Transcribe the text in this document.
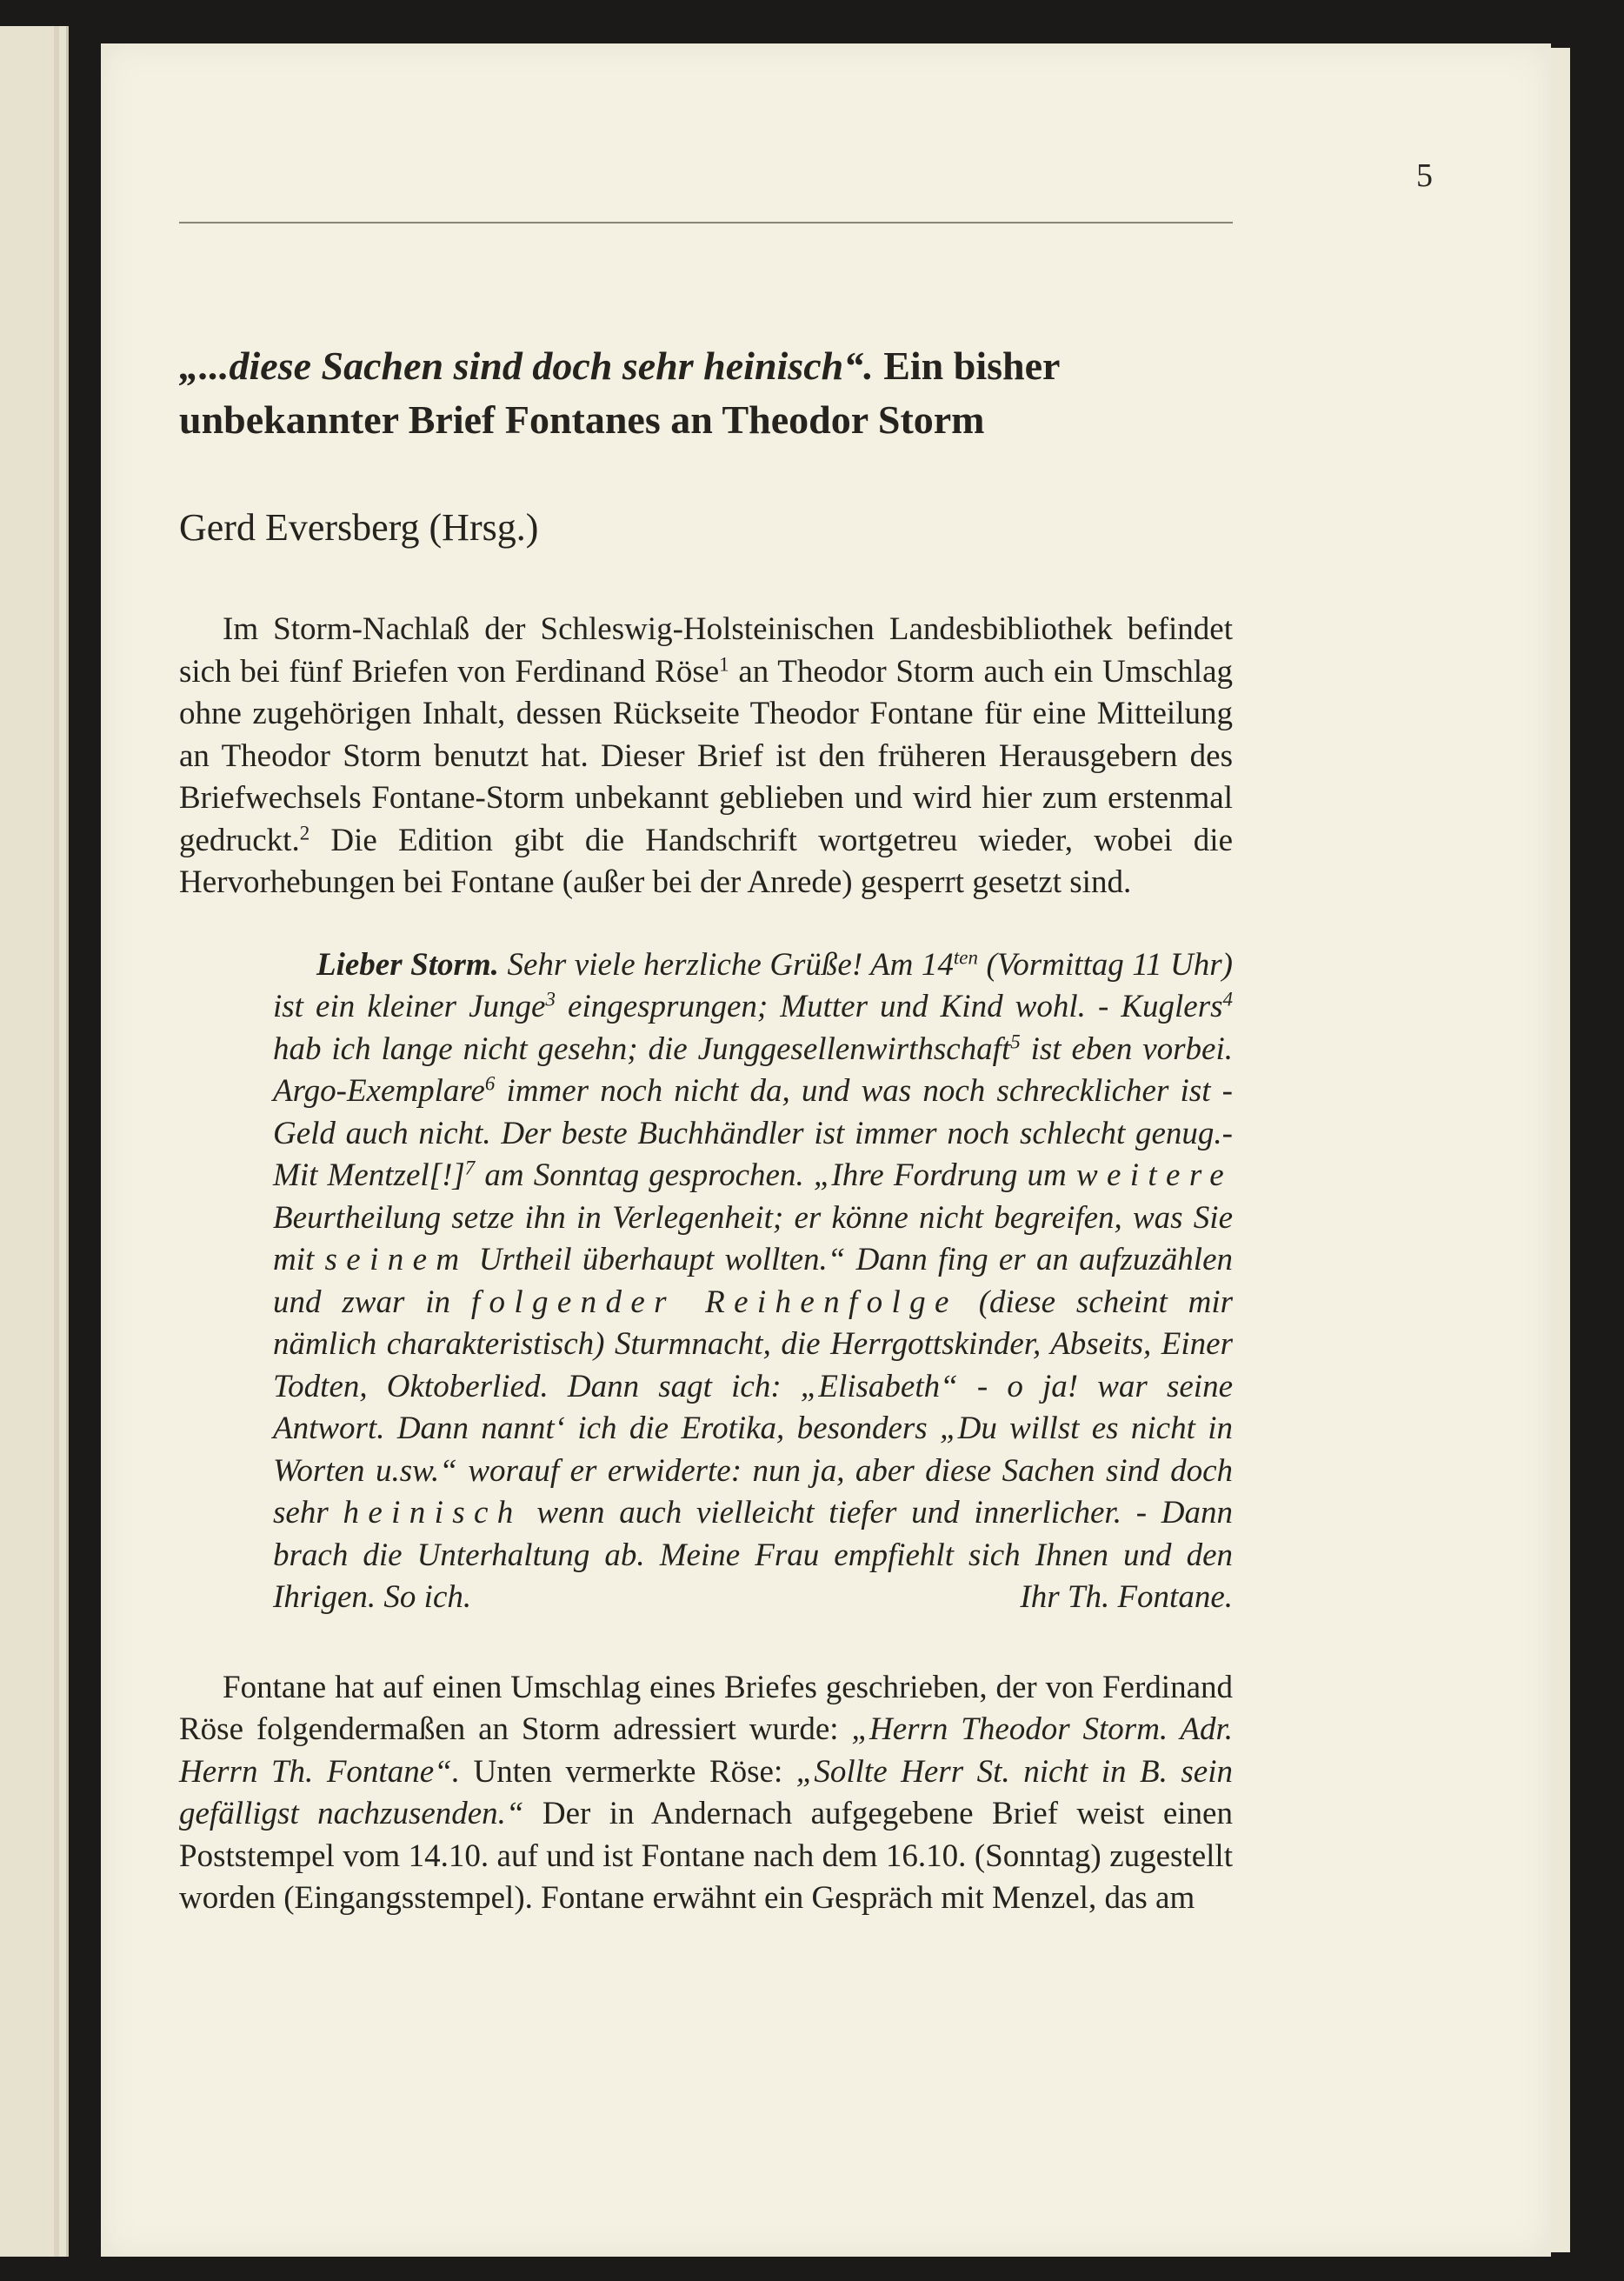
5
„...diese Sachen sind doch sehr heinisch“. Ein bisher unbekannter Brief Fontanes an Theodor Storm

Gerd Eversberg (Hrsg.)

Im Storm-Nachlaß der Schleswig-Holsteinischen Landesbibliothek befindet sich bei fünf Briefen von Ferdinand Röse$^1$ an Theodor Storm auch ein Umschlag ohne zugehörigen Inhalt, dessen Rückseite Theodor Fontane für eine Mitteilung an Theodor Storm benutzt hat. Dieser Brief ist den früheren Herausgebern des Briefwechsels Fontane-Storm unbekannt geblieben und wird hier zum erstenmal gedruckt.$^2$ Die Edition gibt die Handschrift wortgetreu wieder, wobei die Hervorhebungen bei Fontane (außer bei der Anrede) gesperrt gesetzt sind.

Lieber Storm. Sehr viele herzliche Grüße! Am $14^{ten}$ (Vormittag 11 Uhr) ist ein kleiner Junge$^3$ eingesprungen; Mutter und Kind wohl. - Kuglers$^4$ hab ich lange nicht gesehn; die Junggesellenwirthschaft$^5$ ist eben vorbei. Argo-Exemplare$^6$ immer noch nicht da, und was noch schrecklicher ist - Geld auch nicht. Der beste Buchhändler ist immer noch schlecht genug.- Mit Mentzel[!]$^7$ am Sonntag gesprochen. „Ihre Fordrung um weitere Beurtheilung setze ihn in Verlegenheit; er könne nicht begreifen, was Sie mit seinem Urtheil überhaupt wollten.“ Dann fing er an aufzuzählen und zwar in folgender Reihenfolge (diese scheint mir nämlich charakteristisch) Sturmnacht, die Herrgottskinder, Abseits, Einer Todten, Oktoberlied. Dann sagt ich: „Elisabeth“ - o ja! war seine Antwort. Dann nannt‘ ich die Erotika, besonders „Du willst es nicht in Worten u.sw.“ worauf er erwiderte: nun ja, aber diese Sachen sind doch sehr heinisch wenn auch vielleicht tiefer und innerlicher. - Dann brach die Unterhaltung ab. Meine Frau empfiehlt sich Ihnen und den Ihrigen. So ich.	Ihr Th. Fontane.

Fontane hat auf einen Umschlag eines Briefes geschrieben, der von Ferdinand Röse folgendermaßen an Storm adressiert wurde: „Herrn Theodor Storm. Adr. Herrn Th. Fontane“. Unten vermerkte Röse: „Sollte Herr St. nicht in B. sein gefälligst nachzusenden.“ Der in Andernach aufgegebene Brief weist einen Poststempel vom 14.10. auf und ist Fontane nach dem 16.10. (Sonntag) zugestellt worden (Eingangsstempel). Fontane erwähnt ein Gespräch mit Menzel, das am
